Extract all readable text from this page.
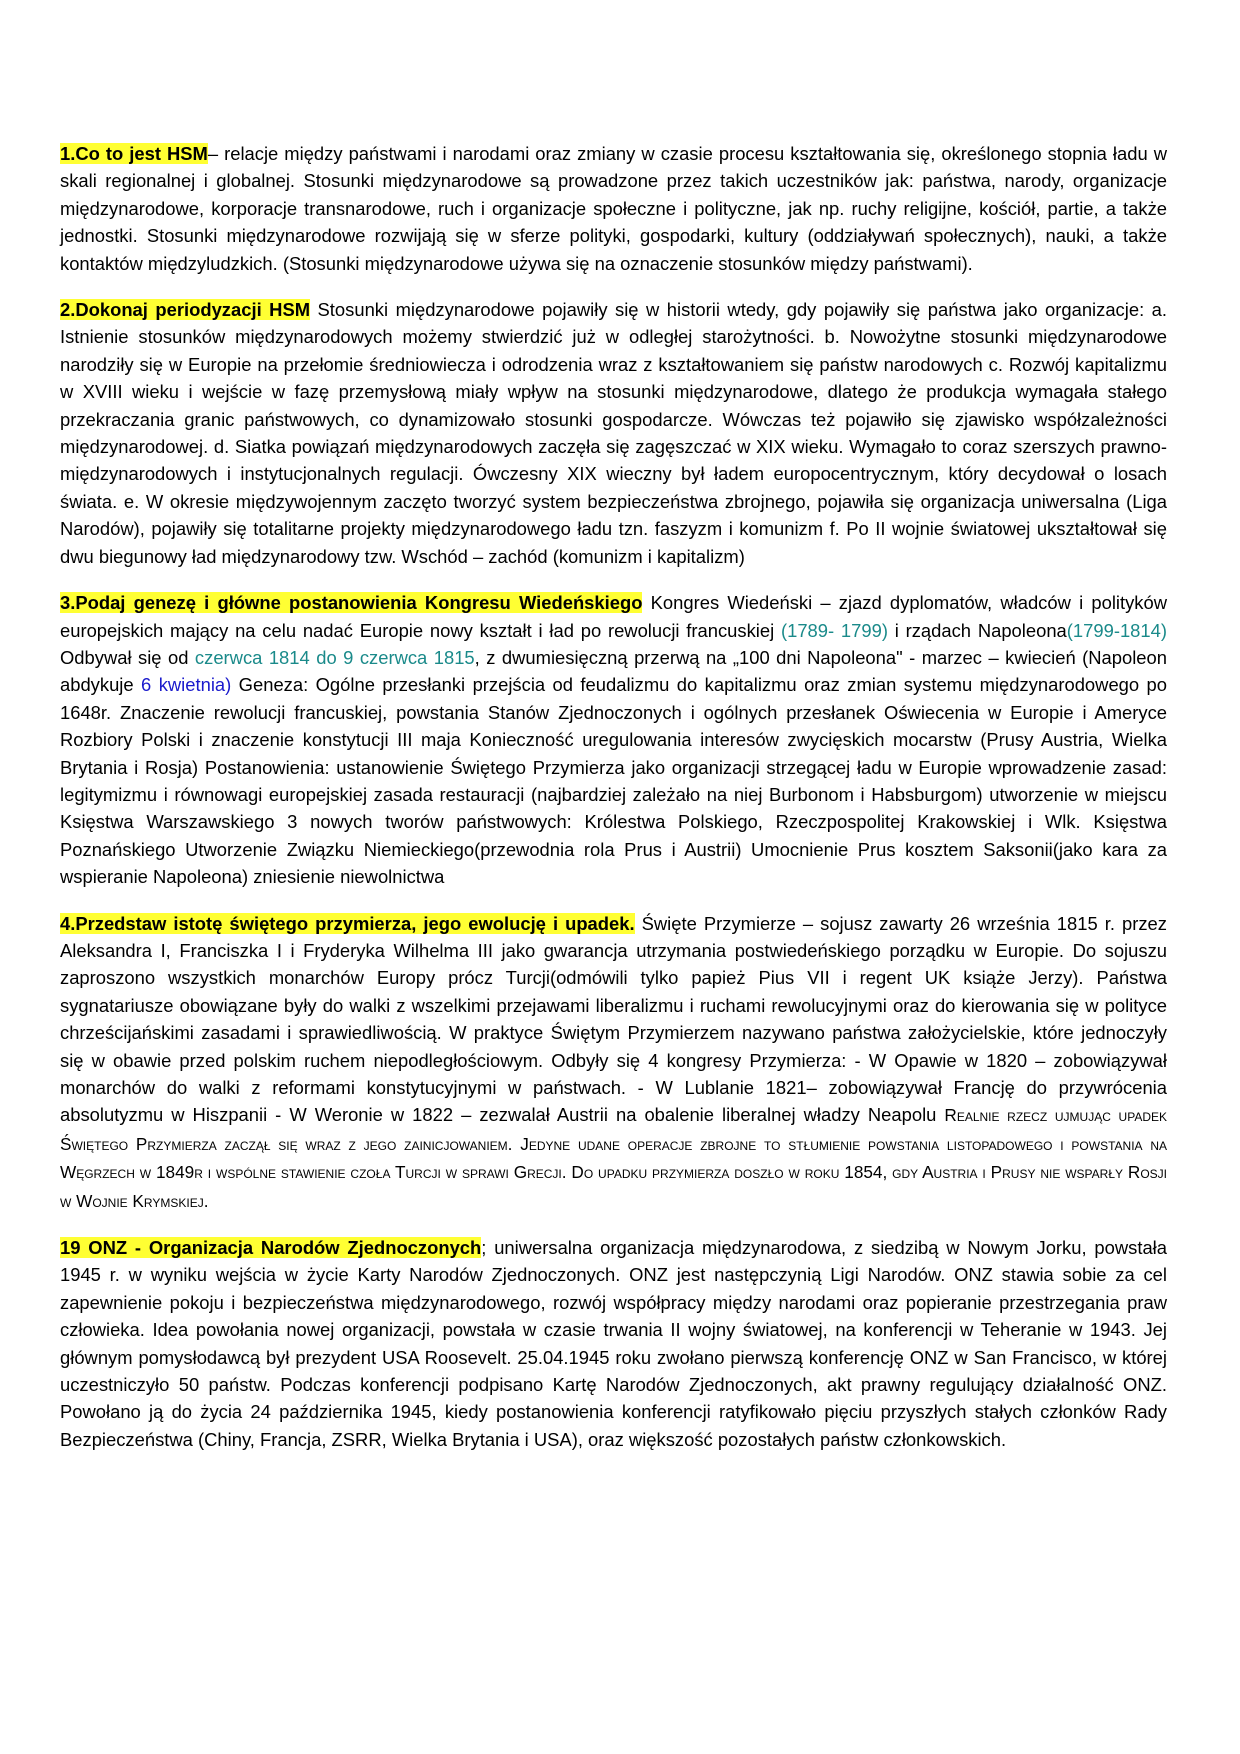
1.Co to jest HSM– relacje między państwami i narodami oraz zmiany w czasie procesu kształtowania się, określonego stopnia ładu w skali regionalnej i globalnej. Stosunki międzynarodowe są prowadzone przez takich uczestników jak: państwa, narody, organizacje międzynarodowe, korporacje transnarodowe, ruch i organizacje społeczne i polityczne, jak np. ruchy religijne, kościół, partie, a także jednostki. Stosunki międzynarodowe rozwijają się w sferze polityki, gospodarki, kultury (oddziaływań społecznych), nauki, a także kontaktów międzyludzkich. (Stosunki międzynarodowe używa się na oznaczenie stosunków między państwami).

2.Dokonaj periodyzacji HSM Stosunki międzynarodowe pojawiły się w historii wtedy, gdy pojawiły się państwa jako organizacje: a. Istnienie stosunków międzynarodowych możemy stwierdzić już w odległej starożytności. b. Nowożytne stosunki międzynarodowe narodziły się w Europie na przełomie średniowiecza i odrodzenia wraz z kształtowaniem się państw narodowych c. Rozwój kapitalizmu w XVIII wieku i wejście w fazę przemysłową miały wpływ na stosunki międzynarodowe, dlatego że produkcja wymagała stałego przekraczania granic państwowych, co dynamizowało stosunki gospodarcze. Wówczas też pojawiło się zjawisko współzależności międzynarodowej. d. Siatka powiązań międzynarodowych zaczęła się zagęszczać w XIX wieku. Wymagało to coraz szerszych prawno-międzynarodowych i instytucjonalnych regulacji. Ówczesny XIX wieczny był ładem europocentrycznym, który decydował o losach świata. e. W okresie międzywojennym zaczęto tworzyć system bezpieczeństwa zbrojnego, pojawiła się organizacja uniwersalna (Liga Narodów), pojawiły się totalitarne projekty międzynarodowego ładu tzn. faszyzm i komunizm f. Po II wojnie światowej ukształtował się dwu biegunowy ład międzynarodowy tzw. Wschód – zachód (komunizm i kapitalizm)

3.Podaj genezę i główne postanowienia Kongresu Wiedeńskiego Kongres Wiedeński – zjazd dyplomatów, władców i polityków europejskich mający na celu nadać Europie nowy kształt i ład po rewolucji francuskiej (1789- 1799) i rządach Napoleona(1799-1814) Odbywał się od czerwca 1814 do 9 czerwca 1815, z dwumiesięczną przerwą na „100 dni Napoleona" - marzec – kwiecień (Napoleon abdykuje 6 kwietnia) Geneza: Ogólne przesłanki przejścia od feudalizmu do kapitalizmu oraz zmian systemu międzynarodowego po 1648r. Znaczenie rewolucji francuskiej, powstania Stanów Zjednoczonych i ogólnych przesłanek Oświecenia w Europie i Ameryce Rozbiory Polski i znaczenie konstytucji III maja Konieczność uregulowania interesów zwycięskich mocarstw (Prusy Austria, Wielka Brytania i Rosja) Postanowienia: ustanowienie Świętego Przymierza jako organizacji strzegącej ładu w Europie wprowadzenie zasad: legitymizmu i równowagi europejskiej zasada restauracji (najbardziej zależało na niej Burbonom i Habsburgom) utworzenie w miejscu Księstwa Warszawskiego 3 nowych tworów państwowych: Królestwa Polskiego, Rzeczpospolitej Krakowskiej i Wlk. Księstwa Poznańskiego Utworzenie Związku Niemieckiego(przewodnia rola Prus i Austrii) Umocnienie Prus kosztem Saksonii(jako kara za wspieranie Napoleona) zniesienie niewolnictwa

4.Przedstaw istotę świętego przymierza, jego ewolucję i upadek. Święte Przymierze – sojusz zawarty 26 września 1815 r. przez Aleksandra I, Franciszka I i Fryderyka Wilhelma III jako gwarancja utrzymania postwiedeńskiego porządku w Europie. Do sojuszu zaproszono wszystkich monarchów Europy prócz Turcji(odmówili tylko papież Pius VII i regent UK książe Jerzy). Państwa sygnatariusze obowiązane były do walki z wszelkimi przejawami liberalizmu i ruchami rewolucyjnymi oraz do kierowania się w polityce chrześcijańskimi zasadami i sprawiedliwością. W praktyce Świętym Przymierzem nazywano państwa założycielskie, które jednoczyły się w obawie przed polskim ruchem niepodległościowym. Odbyły się 4 kongresy Przymierza: - W Opawie w 1820 – zobowiązywał monarchów do walki z reformami konstytucyjnymi w państwach. - W Lublanie 1821– zobowiązywał Francję do przywrócenia absolutyzmu w Hiszpanii - W Weronie w 1822 – zezwalał Austrii na obalenie liberalnej władzy Neapolu Realnie rzecz ujmując upadek Świętego Przymierza zaczął się wraz z jego zainicjowaniem. Jedyne udane operacje zbrojne to stłumienie powstania listopadowego i powstania na Węgrzech w 1849r i wspólne stawienie czoła Turcji w sprawi Grecji. Do upadku przymierza doszło w roku 1854, gdy Austria i Prusy nie wsparły Rosji w Wojnie Krymskiej.

19 ONZ - Organizacja Narodów Zjednoczonych; uniwersalna organizacja międzynarodowa, z siedzibą w Nowym Jorku, powstała 1945 r. w wyniku wejścia w życie Karty Narodów Zjednoczonych. ONZ jest następczynią Ligi Narodów. ONZ stawia sobie za cel zapewnienie pokoju i bezpieczeństwa międzynarodowego, rozwój współpracy między narodami oraz popieranie przestrzegania praw człowieka. Idea powołania nowej organizacji, powstała w czasie trwania II wojny światowej, na konferencji w Teheranie w 1943. Jej głównym pomysłodawcą był prezydent USA Roosevelt. 25.04.1945 roku zwołano pierwszą konferencję ONZ w San Francisco, w której uczestniczyło 50 państw. Podczas konferencji podpisano Kartę Narodów Zjednoczonych, akt prawny regulujący działalność ONZ. Powołano ją do życia 24 października 1945, kiedy postanowienia konferencji ratyfikowało pięciu przyszłych stałych członków Rady Bezpieczeństwa (Chiny, Francja, ZSRR, Wielka Brytania i USA), oraz większość pozostałych państw członkowskich.
